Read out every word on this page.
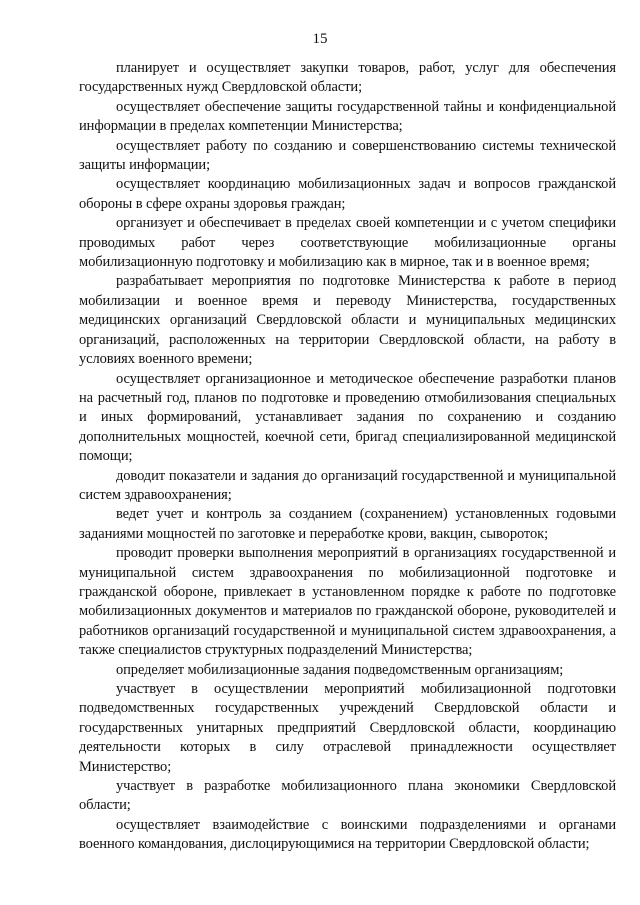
15

планирует и осуществляет закупки товаров, работ, услуг для обеспечения государственных нужд Свердловской области;

осуществляет обеспечение защиты государственной тайны и конфиденциальной информации в пределах компетенции Министерства;

осуществляет работу по созданию и совершенствованию системы технической защиты информации;

осуществляет координацию мобилизационных задач и вопросов гражданской обороны в сфере охраны здоровья граждан;

организует и обеспечивает в пределах своей компетенции и с учетом специфики проводимых работ через соответствующие мобилизационные органы мобилизационную подготовку и мобилизацию как в мирное, так и в военное время;

разрабатывает мероприятия по подготовке Министерства к работе в период мобилизации и военное время и переводу Министерства, государственных медицинских организаций Свердловской области и муниципальных медицинских организаций, расположенных на территории Свердловской области, на работу в условиях военного времени;

осуществляет организационное и методическое обеспечение разработки планов на расчетный год, планов по подготовке и проведению отмобилизования специальных и иных формирований, устанавливает задания по сохранению и созданию дополнительных мощностей, коечной сети, бригад специализированной медицинской помощи;

доводит показатели и задания до организаций государственной и муниципальной систем здравоохранения;

ведет учет и контроль за созданием (сохранением) установленных годовыми заданиями мощностей по заготовке и переработке крови, вакцин, сывороток;

проводит проверки выполнения мероприятий в организациях государственной и муниципальной систем здравоохранения по мобилизационной подготовке и гражданской обороне, привлекает в установленном порядке к работе по подготовке мобилизационных документов и материалов по гражданской обороне, руководителей и работников организаций государственной и муниципальной систем здравоохранения, а также специалистов структурных подразделений Министерства;

определяет мобилизационные задания подведомственным организациям;

участвует в осуществлении мероприятий мобилизационной подготовки подведомственных государственных учреждений Свердловской области и государственных унитарных предприятий Свердловской области, координацию деятельности которых в силу отраслевой принадлежности осуществляет Министерство;

участвует в разработке мобилизационного плана экономики Свердловской области;

осуществляет взаимодействие с воинскими подразделениями и органами военного командования, дислоцирующимися на территории Свердловской области;
